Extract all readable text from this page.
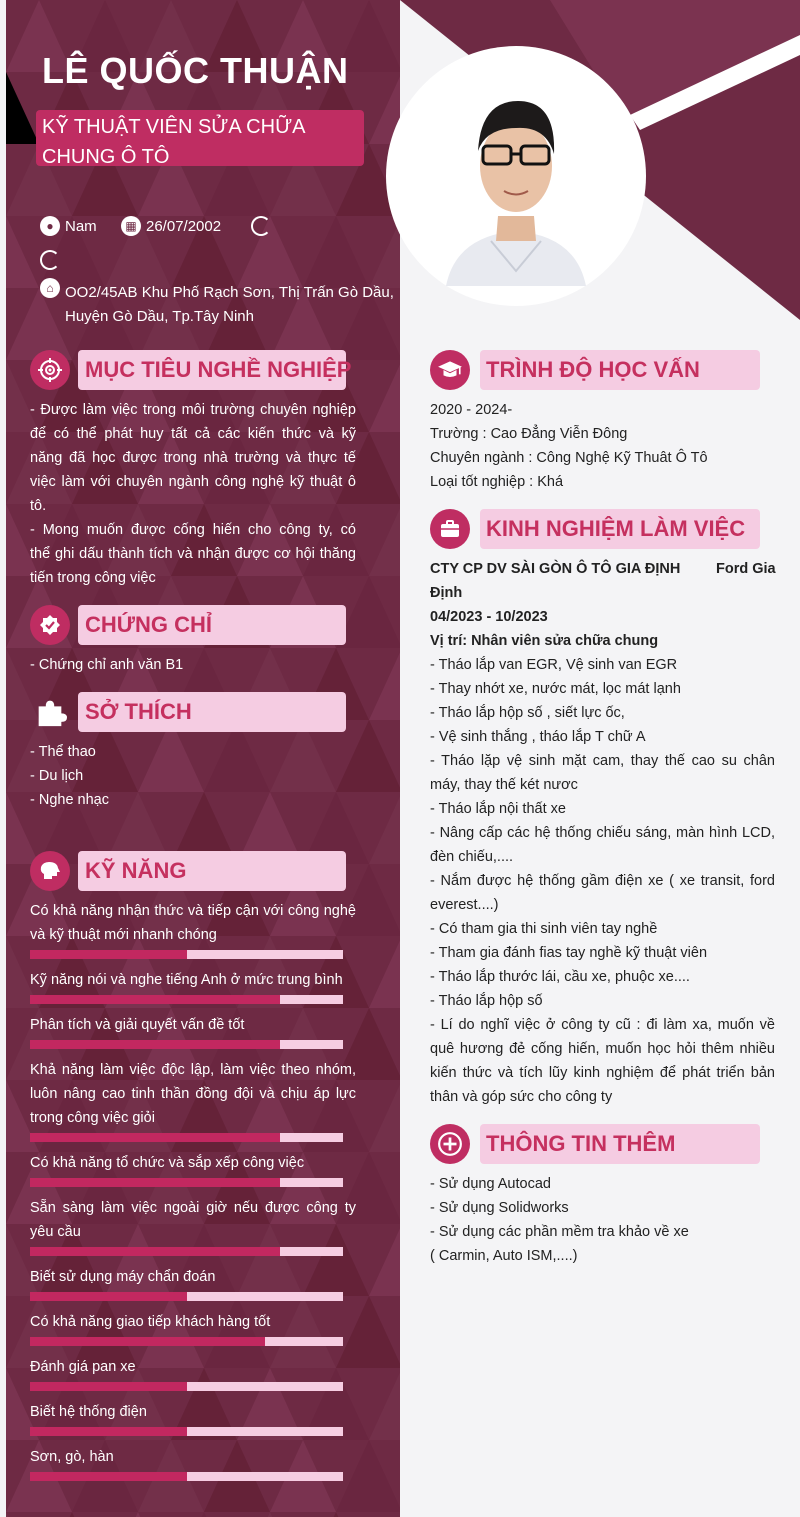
LÊ QUỐC THUẬN
KỸ THUẬT VIÊN SỬA CHỮA CHUNG Ô TÔ
● Nam	▦ 26/07/2002
⌂ OO2/45AB Khu Phố Rạch Sơn, Thị Trấn Gò Dầu,
Huyện Gò Dầu, Tp.Tây Ninh
MỤC TIÊU NGHỀ NGHIỆP
- Được làm việc trong môi trường chuyên nghiệp
để có thể phát huy tất cả các kiến thức và kỹ
năng đã học được trong nhà trường và thực tế
việc làm với chuyên ngành công nghệ kỹ thuật ô
tô.
- Mong muốn được cống hiến cho công ty, có
thể ghi dấu thành tích và nhận được cơ hội thăng
tiến trong công việc
CHỨNG CHỈ
- Chứng chỉ anh văn B1
SỞ THÍCH
- Thể thao
- Du lịch
- Nghe nhạc
KỸ NĂNG
Có khả năng nhận thức và tiếp cận với công nghệ
và kỹ thuật mới nhanh chóng
Kỹ năng nói và nghe tiếng Anh ở mức trung bình
Phân tích và giải quyết vấn đề tốt
Khả năng làm việc độc lập, làm việc theo nhóm,
luôn nâng cao tinh thần đồng đội và chịu áp lực
trong công việc giỏi
Có khả năng tổ chức và sắp xếp công việc
Sẵn sàng làm việc ngoài giờ nếu được công ty
yêu cầu
Biết sử dụng máy chẩn đoán
Có khả năng giao tiếp khách hàng tốt
Đánh giá pan xe
Biết hệ thống điện
Sơn, gò, hàn
TRÌNH ĐỘ HỌC VẤN
2020 - 2024-
Trường : Cao Đẳng Viễn Đông
Chuyên ngành : Công Nghệ Kỹ Thuât Ô Tô
Loại tốt nghiệp : Khá
KINH NGHIỆM LÀM VIỆC
CTY CP DV SÀI GÒN Ô TÔ GIA ĐỊNH Ford Gia
Định
04/2023 - 10/2023
Vị trí: Nhân viên sửa chữa chung
- Tháo lắp van EGR, Vệ sinh van EGR
- Thay nhớt xe, nước mát, lọc mát lạnh
- Tháo lắp hộp số , siết lực ốc,
- Vệ sinh thắng , tháo lắp T chữ A
- Tháo lặp vệ sinh mặt cam, thay thế cao su chân
máy, thay thế két nươc
- Tháo lắp nội thất xe
- Nâng cấp các hệ thống chiếu sáng, màn hình LCD,
đèn chiếu,....
- Nắm được hệ thống gầm điện xe ( xe transit, ford
everest....)
- Có tham gia thi sinh viên tay nghề
- Tham gia đánh fias tay nghề kỹ thuật viên
- Tháo lắp thước lái, cầu xe, phuộc xe....
- Tháo lắp hộp số
- Lí do nghĩ việc ở công ty cũ : đi làm xa, muốn về
quê hương đẻ cống hiến, muốn học hỏi thêm nhiều
kiến thức và tích lũy kinh nghiệm để phát triển bản
thân và góp sức cho công ty
THÔNG TIN THÊM
- Sử dụng Autocad
- Sử dụng Solidworks
- Sử dụng các phần mềm tra khảo về xe
( Carmin, Auto ISM,....)
